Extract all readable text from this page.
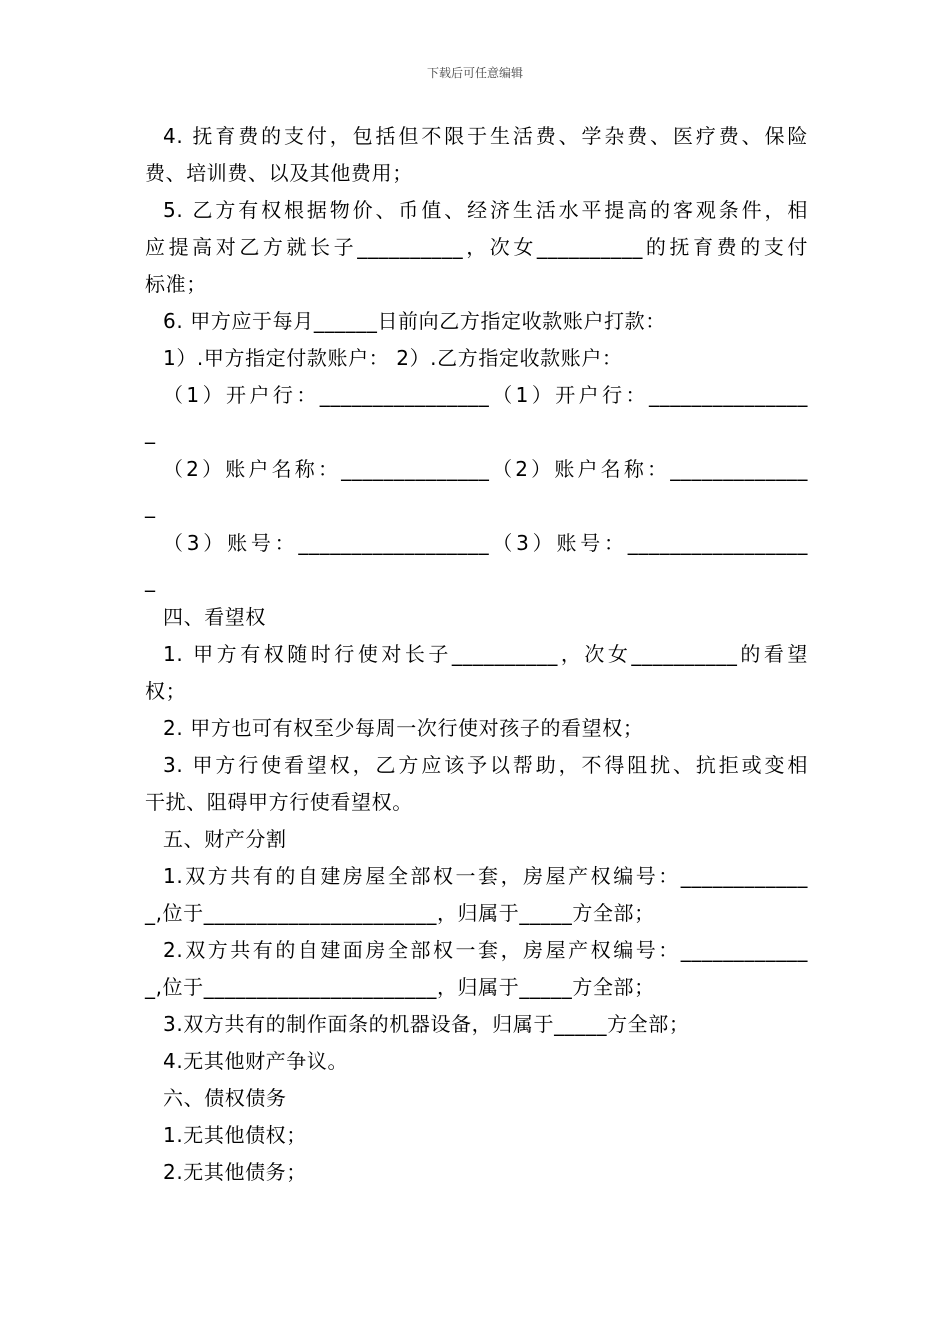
下载后可任意编辑
4. 抚育费的支付，包括但不限于生活费、学杂费、医疗费、保险
费、培训费、以及其他费用；
5. 乙方有权根据物价、币值、经济生活水平提高的客观条件，相
应提高对乙方就长子__________，次女__________的抚育费的支付
标准；
6. 甲方应于每月______日前向乙方指定收款账户打款：
1）.甲方指定付款账户： 2）.乙方指定收款账户：
（1）开户行：________________（1）开户行：_______________
_
（2）账户名称：______________（2）账户名称：_____________
_
（3）账号：__________________（3）账号：_________________
_
四、看望权
1. 甲方有权随时行使对长子__________，次女__________的看望
权；
2. 甲方也可有权至少每周一次行使对孩子的看望权；
3. 甲方行使看望权，乙方应该予以帮助，不得阻扰、抗拒或变相
干扰、阻碍甲方行使看望权。
五、财产分割
1.双方共有的自建房屋全部权一套，房屋产权编号：____________
_,位于______________________，归属于_____方全部；
2.双方共有的自建面房全部权一套，房屋产权编号：____________
_,位于______________________，归属于_____方全部；
3.双方共有的制作面条的机器设备，归属于_____方全部；
4.无其他财产争议。
六、债权债务
1.无其他债权；
2.无其他债务；
